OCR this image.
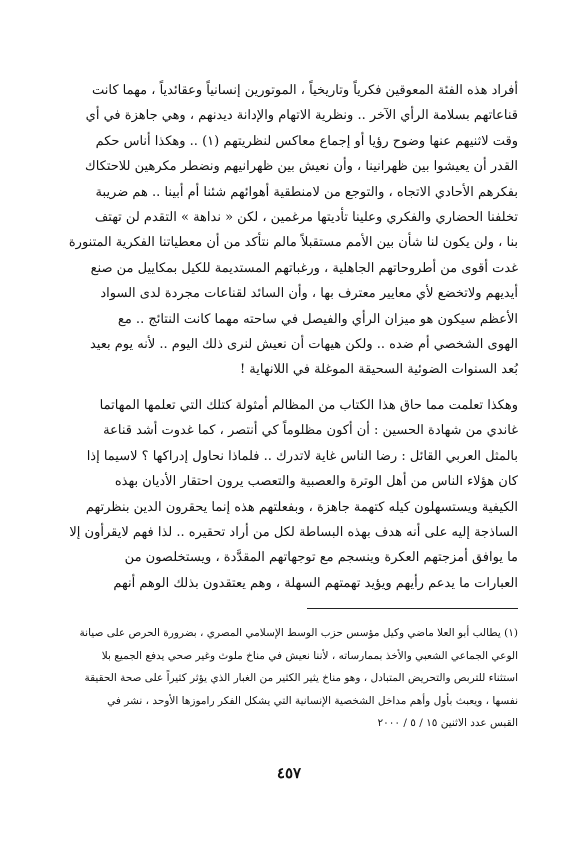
أفراد هذه الفئة المعوقين فكرياً وتاريخياً ، الموتورين إنسانياً وعقائدياً ، مهما كانت
قناعاتهم بسلامة الرأي الآخر .. ونظرية الاتهام والإدانة ديدنهم ، وهي جاهزة في أي
وقت لاثنيهم عنها وضوح رؤيا أو إجماع معاكس لنظريتهم (١) .. وهكذا أناس حكم
القدر أن يعيشوا بين ظهرانينا ، وأن نعيش بين ظهرانيهم ونضطر مكرهين للاحتكاك
بفكرهم الأحادي الاتجاه ، والتوجع من لامنطقية أهوائهم شئنا أم أبينا .. هم ضريبة
تخلفنا الحضاري والفكري وعلينا تأديتها مرغمين ، لكن « نداهة » التقدم لن تهتف
بنا ، ولن يكون لنا شأن بين الأمم مستقبلاً مالم نتأكد من أن معطياتنا الفكرية المتنورة
غدت أقوى من أطروحاتهم الجاهلية ، ورغباتهم المستديمة للكيل بمكاييل من صنع
أيديهم ولاتخضع لأي معايير معترف بها ، وأن السائد لقناعات مجردة لدى السواد
الأعظم سيكون هو ميزان الرأي والفيصل في ساحته مهما كانت النتائج .. مع
الهوى الشخصي أم ضده .. ولكن هيهات أن نعيش لنرى ذلك اليوم .. لأنه يوم بعيد
بُعد السنوات الضوئية السحيقة الموغلة في اللانهاية !

وهكذا تعلمت مما حاق هذا الكتاب من المظالم أمثولة كتلك التي تعلمها المهاتما
غاندي من شهادة الحسين : أن أكون مظلوماً كي أنتصر ، كما غدوت أشد قناعة
بالمثل العربي القائل : رضا الناس غاية لاتدرك .. فلماذا نحاول إدراكها ؟ لاسيما إذا
كان هؤلاء الناس من أهل الوترة والعصبية والتعصب يرون احتقار الأديان بهذه
الكيفية ويستسهلون كيله كتهمة جاهزة ، وبفعلتهم هذه إنما يحقرون الدين بنظرتهم
الساذجة إليه على أنه هدف بهذه البساطة لكل من أراد تحقيره .. لذا فهم لايقرأون إلا
ما يوافق أمزجتهم العكرة وينسجم مع توجهاتهم المقدَّدة ، ويستخلصون من
العبارات ما يدعم رأيهم ويؤيد تهمتهم السهلة ، وهم يعتقدون بذلك الوهم أنهم

(١) يطالب أبو العلا ماضي وكيل مؤسس حزب الوسط الإسلامي المصري ، بضرورة الحرص على صيانة
الوعي الجماعي الشعبي والأخذ بممارساته ، لأننا نعيش في مناخ ملوث وغير صحي يدفع الجميع بلا
استثناء للتربص والتحريض المتبادل ، وهو مناخ يثير الكثير من الغبار الذي يؤثر كثيراً على صحة الحقيقة
نفسها ، ويعبث بأول وأهم مداخل الشخصية الإنسانية التي يشكل الفكر راموزها الأوحد ، نشر في
القبس عدد الاثنين ١٥ / ٥ / ٢٠٠٠

٤٥٧
